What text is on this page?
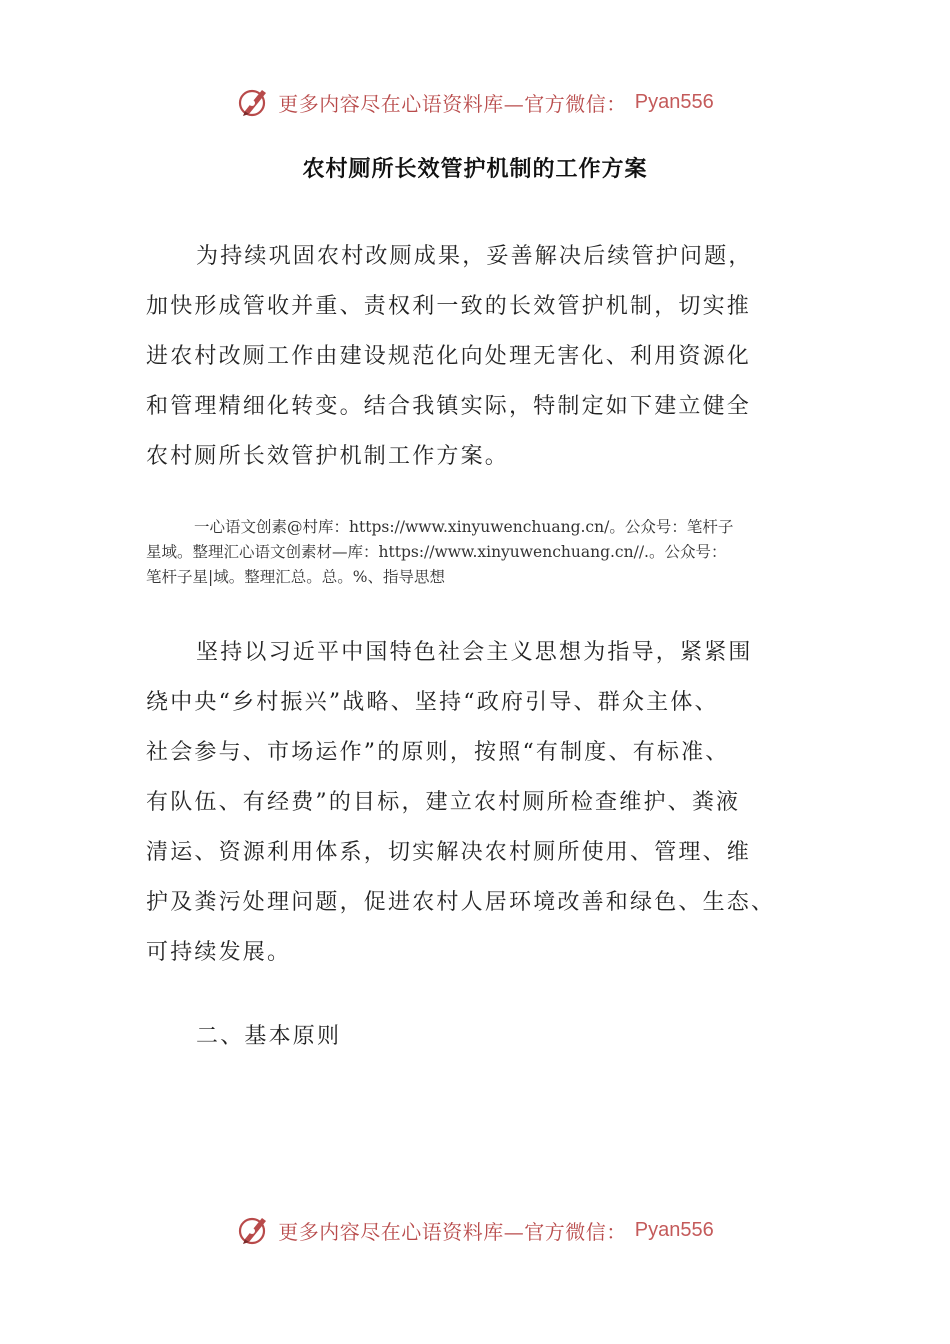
更多内容尽在心语资料库—官方微信： Pyan556
农村厕所长效管护机制的工作方案
为持续巩固农村改厕成果，妥善解决后续管护问题，
加快形成管收并重、责权利一致的长效管护机制，切实推
进农村改厕工作由建设规范化向处理无害化、利用资源化
和管理精细化转变。结合我镇实际，特制定如下建立健全
农村厕所长效管护机制工作方案。
一心语文创素@村库：https://www.xinyuwenchuang.cn/。公众号：笔杆子
星域。整理汇心语文创素材—库：https://www.xinyuwenchuang.cn//.。公众号：
笔杆子星|域。整理汇总。总。%、指导思想
坚持以习近平中国特色社会主义思想为指导，紧紧围
绕中央“乡村振兴”战略、坚持“政府引导、群众主体、
社会参与、市场运作”的原则，按照“有制度、有标准、
有队伍、有经费”的目标，建立农村厕所检查维护、粪液
清运、资源利用体系，切实解决农村厕所使用、管理、维
护及粪污处理问题，促进农村人居环境改善和绿色、生态、
可持续发展。
二、基本原则
更多内容尽在心语资料库—官方微信： Pyan556
